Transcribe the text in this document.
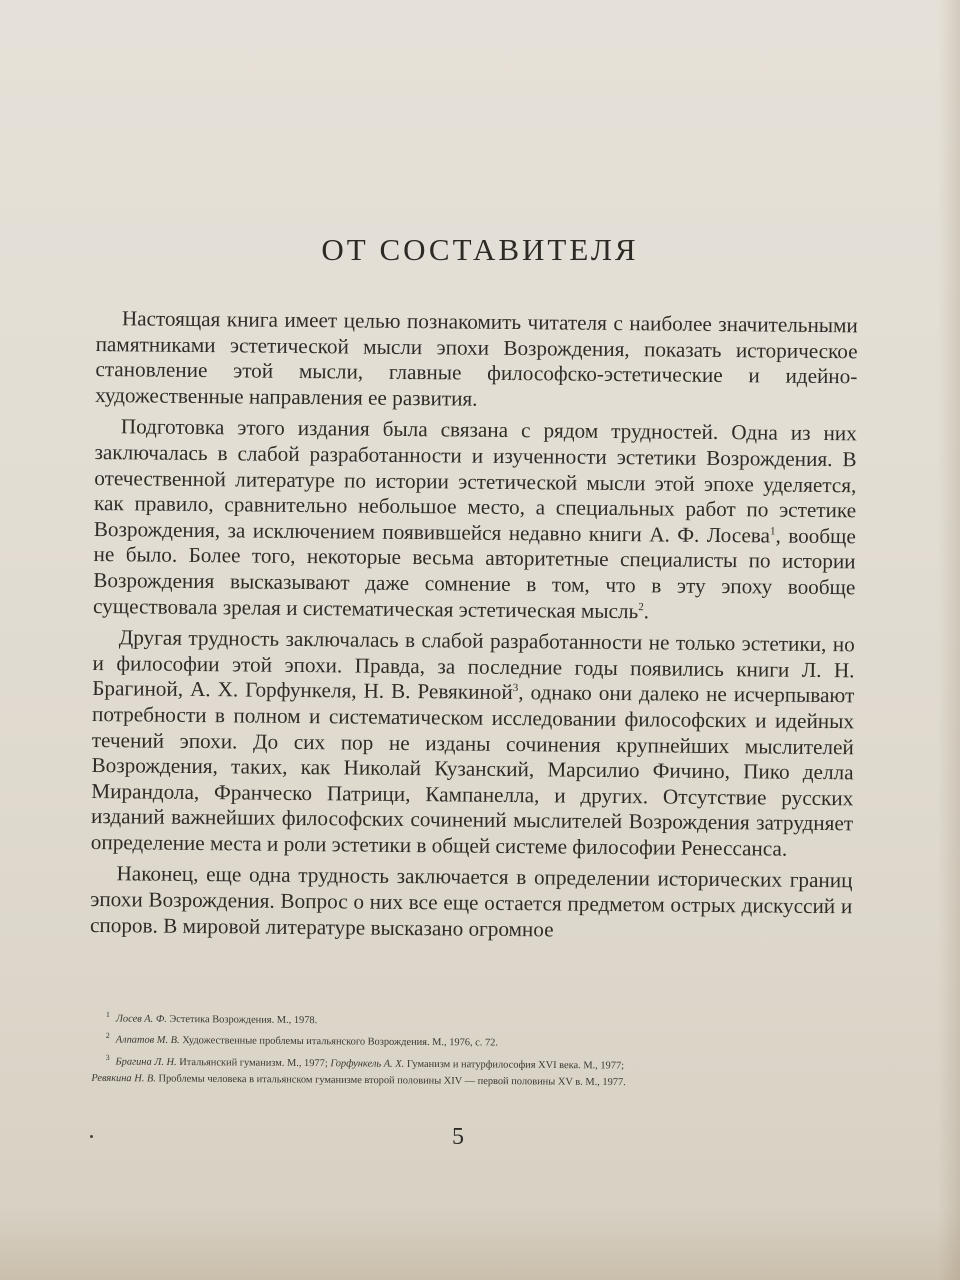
ОТ СОСТАВИТЕЛЯ

Настоящая книга имеет целью познакомить читателя с наиболее значительными памятниками эстетической мысли эпохи Возрождения, показать историческое становление этой мысли, главные философско-эстетические и идейно-художественные направления ее развития.

Подготовка этого издания была связана с рядом трудностей. Одна из них заключалась в слабой разработанности и изученности эстетики Возрождения. В отечественной литературе по истории эстетической мысли этой эпохе уделяется, как правило, сравнительно небольшое место, а специальных работ по эстетике Возрождения, за исключением появившейся недавно книги А. Ф. Лосева$^1$, вообще не было. Более того, некоторые весьма авторитетные специалисты по истории Возрождения высказывают даже сомнение в том, что в эту эпоху вообще существовала зрелая и систематическая эстетическая мысль$^2$.

Другая трудность заключалась в слабой разработанности не только эстетики, но и философии этой эпохи. Правда, за последние годы появились книги Л. Н. Брагиной, А. Х. Горфункеля, Н. В. Ревякиной$^3$, однако они далеко не исчерпывают потребности в полном и систематическом исследовании философских и идейных течений эпохи. До сих пор не изданы сочинения крупнейших мыслителей Возрождения, таких, как Николай Кузанский, Марсилио Фичино, Пико делла Мирандола, Франческо Патрици, Кампанелла, и других. Отсутствие русских изданий важнейших философских сочинений мыслителей Возрождения затрудняет определение места и роли эстетики в общей системе философии Ренессанса.

Наконец, еще одна трудность заключается в определении исторических границ эпохи Возрождения. Вопрос о них все еще остается предметом острых дискуссий и споров. В мировой литературе высказано огромное

$^1$ Лосев А. Ф. Эстетика Возрождения. М., 1978.

$^2$ Алпатов М. В. Художественные проблемы итальянского Возрождения. М., 1976, с. 72.

$^3$ Брагина Л. Н. Итальянский гуманизм. М., 1977; Горфункель А. Х. Гуманизм и натурфилософия XVI века. М., 1977;

Ревякина Н. В. Проблемы человека в итальянском гуманизме второй половины XIV — первой половины XV в. М., 1977.

5
